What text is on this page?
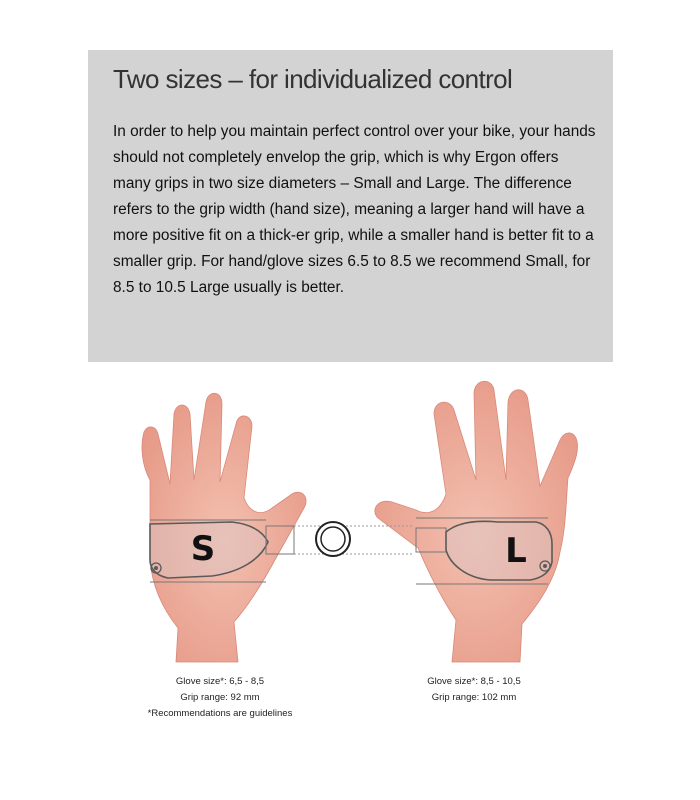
Two sizes – for individualized control

In order to help you maintain perfect control over your bike, your hands should not completely envelop the grip, which is why Ergon offers many grips in two size diameters – Small and Large. The difference refers to the grip width (hand size), meaning a larger hand will have a more positive fit on a thick-er grip, while a smaller hand is better fit to a smaller grip. For hand/glove sizes 6.5 to 8.5 we recommend Small, for 8.5 to 10.5 Large usually is better.

S	L
Glove size*: 6,5 - 8,5
Grip range: 92 mm
*Recommendations are guidelines
Glove size*: 8,5 - 10,5
Grip range: 102 mm
